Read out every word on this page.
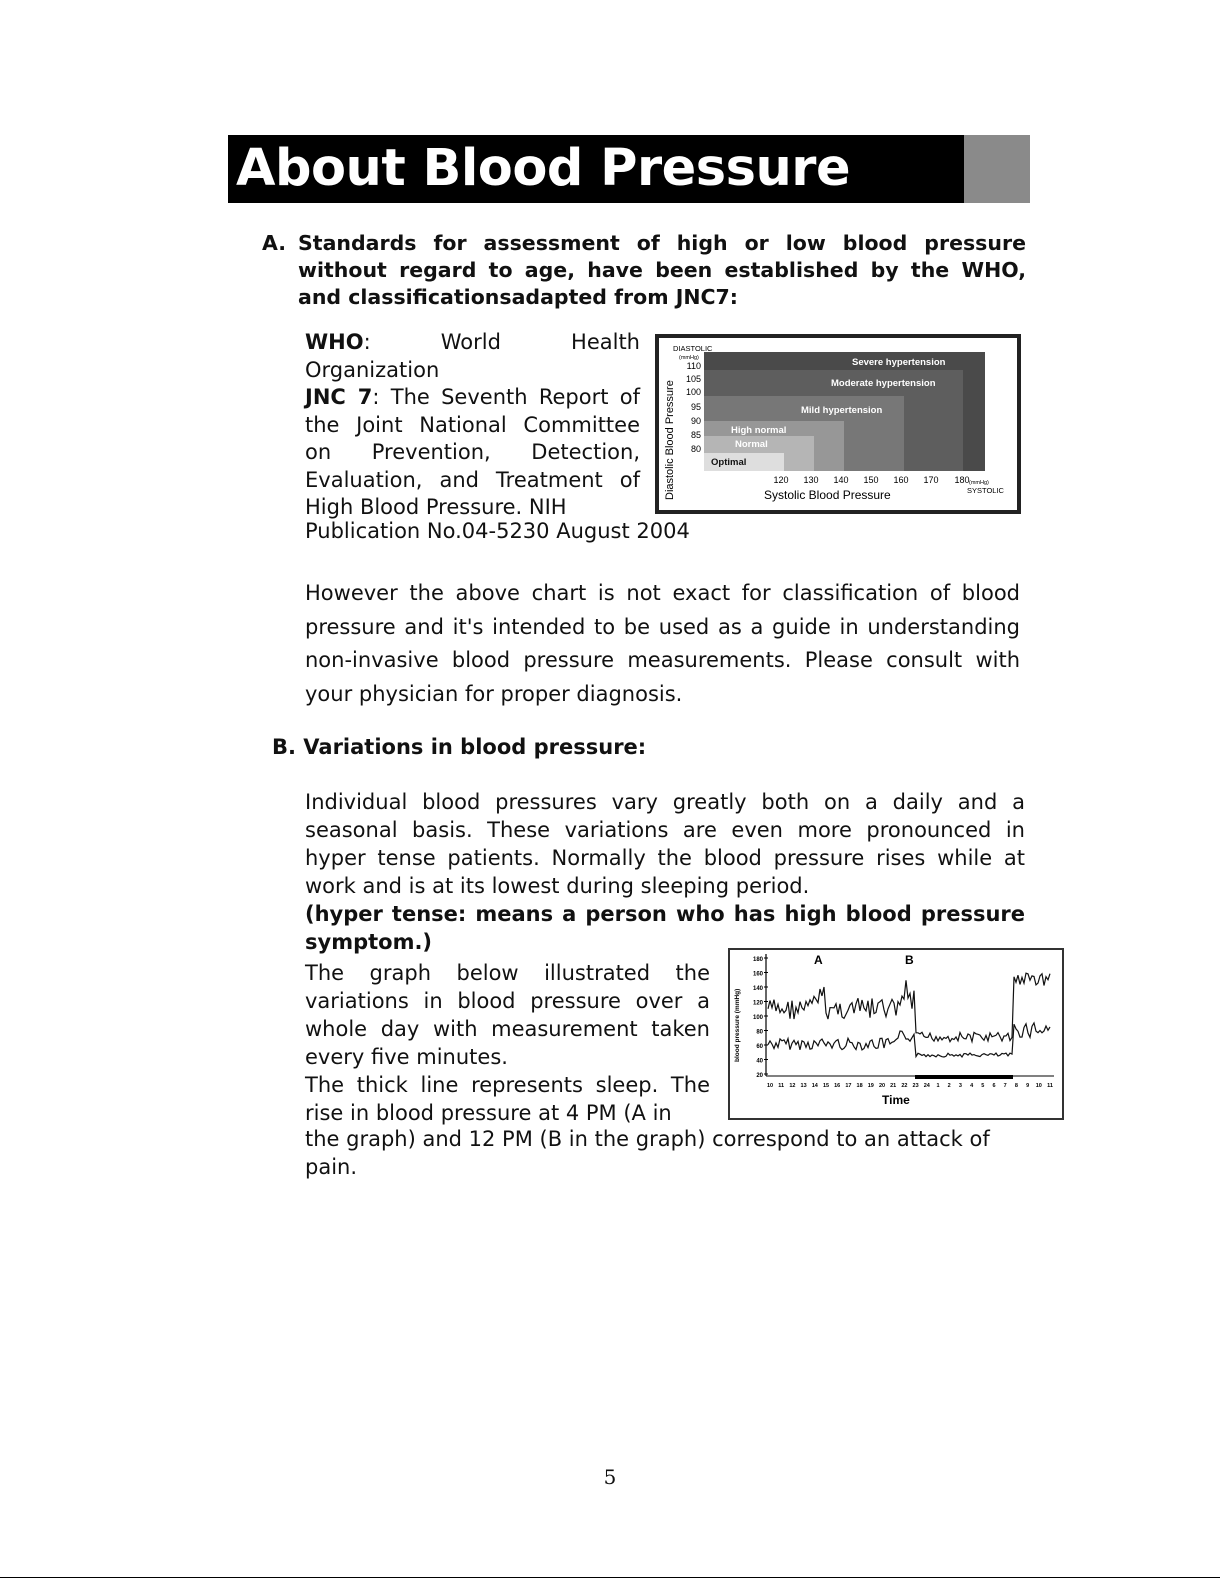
About Blood Pressure
A. Standards for assessment of high or low blood pressure without regard to age, have been established by the WHO, and classificationsadapted from JNC7:
WHO: World Health Organization
JNC 7: The Seventh Report of the Joint National Committee on Prevention, Detection, Evaluation, and Treatment of High Blood Pressure. NIH
Publication No.04-5230 August 2004
Severe hypertension
Moderate hypertension
Mild hypertension
High normal
Normal
Optimal
DIASTOLIC
(mmHg)
Diastolic Blood Pressure
110
105
100
95
90
85
80
120 130 140 150 160 170 180
Systolic Blood Pressure
(mmHg)
SYSTOLIC
However the above chart is not exact for classification of blood pressure and it's intended to be used as a guide in understanding non-invasive blood pressure measurements. Please consult with your physician for proper diagnosis.
B. Variations in blood pressure:
Individual blood pressures vary greatly both on a daily and a seasonal basis. These variations are even more pronounced in hyper tense patients. Normally the blood pressure rises while at work and is at its lowest during sleeping period.
(hyper tense: means a person who has high blood pressure symptom.)
The graph below illustrated the variations in blood pressure over a whole day with measurement taken every five minutes.
The thick line represents sleep. The rise in blood pressure at 4 PM (A in
the graph) and 12 PM (B in the graph) correspond to an attack of pain.
blood pressure (mmHg)
180
160
140
120
100
80
60
40
20
A	B
10 11 12 13 14 15 16 17 18 19 20 21 22 23 24 1 2 3 4 5 6 7 8 9 10 11
Time
5
